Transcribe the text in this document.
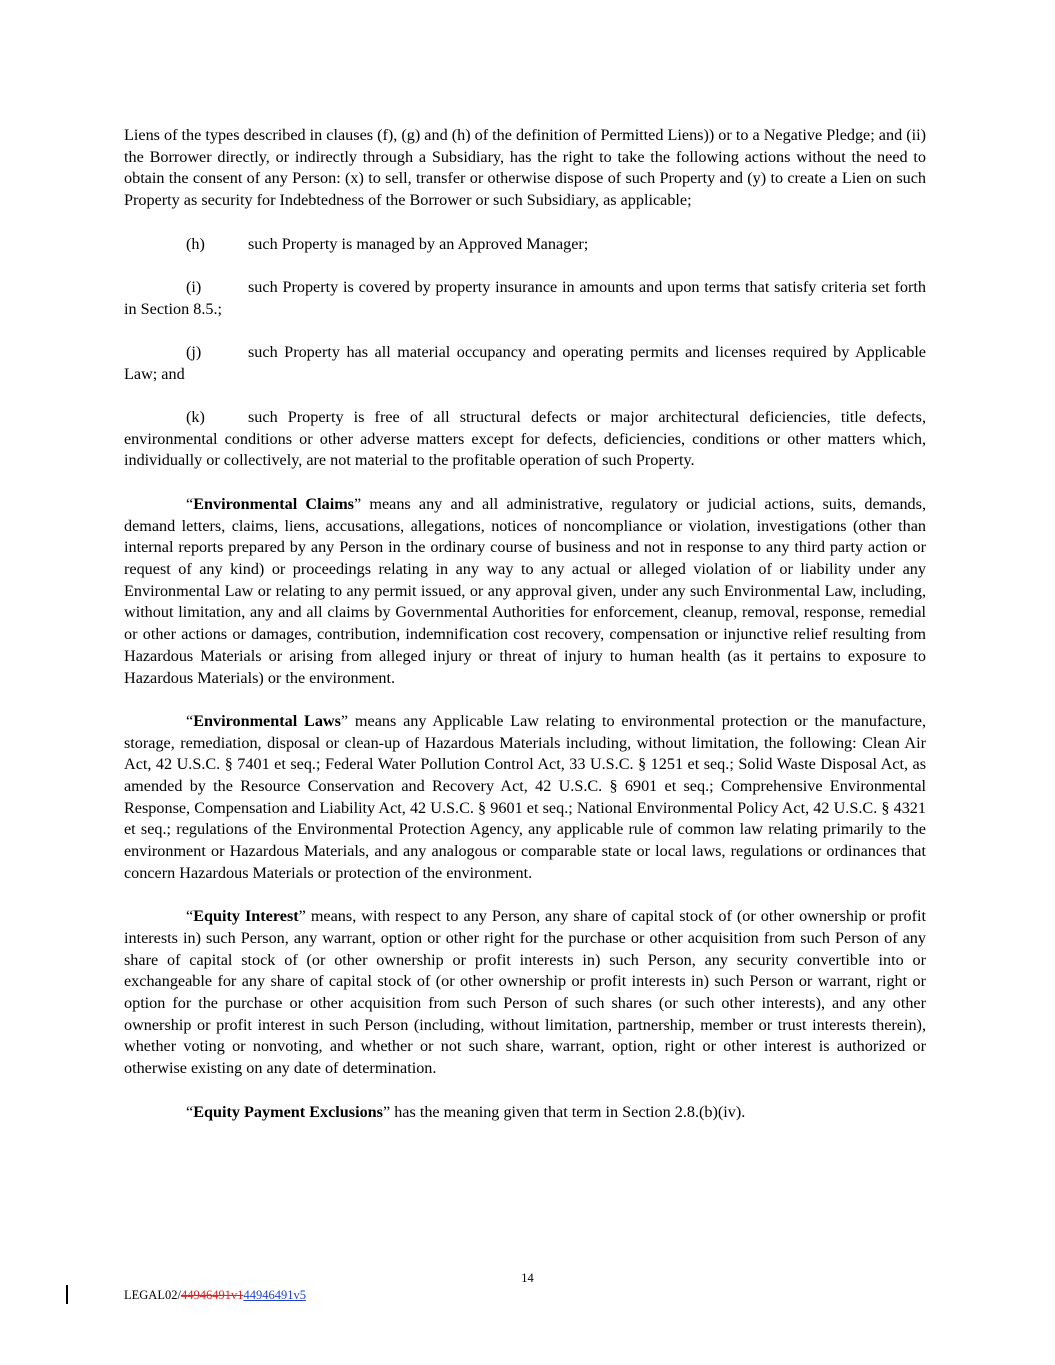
Liens of the types described in clauses (f), (g) and (h) of the definition of Permitted Liens)) or to a Negative Pledge; and (ii) the Borrower directly, or indirectly through a Subsidiary, has the right to take the following actions without the need to obtain the consent of any Person: (x) to sell, transfer or otherwise dispose of such Property and (y) to create a Lien on such Property as security for Indebtedness of the Borrower or such Subsidiary, as applicable;

(h)	such Property is managed by an Approved Manager;

(i)	such Property is covered by property insurance in amounts and upon terms that satisfy criteria set forth in Section 8.5.;

(j)	such Property has all material occupancy and operating permits and licenses required by Applicable Law; and

(k)	such Property is free of all structural defects or major architectural deficiencies, title defects, environmental conditions or other adverse matters except for defects, deficiencies, conditions or other matters which, individually or collectively, are not material to the profitable operation of such Property.

“Environmental Claims” means any and all administrative, regulatory or judicial actions, suits, demands, demand letters, claims, liens, accusations, allegations, notices of noncompliance or violation, investigations (other than internal reports prepared by any Person in the ordinary course of business and not in response to any third party action or request of any kind) or proceedings relating in any way to any actual or alleged violation of or liability under any Environmental Law or relating to any permit issued, or any approval given, under any such Environmental Law, including, without limitation, any and all claims by Governmental Authorities for enforcement, cleanup, removal, response, remedial or other actions or damages, contribution, indemnification cost recovery, compensation or injunctive relief resulting from Hazardous Materials or arising from alleged injury or threat of injury to human health (as it pertains to exposure to Hazardous Materials) or the environment.

“Environmental Laws” means any Applicable Law relating to environmental protection or the manufacture, storage, remediation, disposal or clean-up of Hazardous Materials including, without limitation, the following: Clean Air Act, 42 U.S.C. § 7401 et seq.; Federal Water Pollution Control Act, 33 U.S.C. § 1251 et seq.; Solid Waste Disposal Act, as amended by the Resource Conservation and Recovery Act, 42 U.S.C. § 6901 et seq.; Comprehensive Environmental Response, Compensation and Liability Act, 42 U.S.C. § 9601 et seq.; National Environmental Policy Act, 42 U.S.C. § 4321 et seq.; regulations of the Environmental Protection Agency, any applicable rule of common law relating primarily to the environment or Hazardous Materials, and any analogous or comparable state or local laws, regulations or ordinances that concern Hazardous Materials or protection of the environment.

“Equity Interest” means, with respect to any Person, any share of capital stock of (or other ownership or profit interests in) such Person, any warrant, option or other right for the purchase or other acquisition from such Person of any share of capital stock of (or other ownership or profit interests in) such Person, any security convertible into or exchangeable for any share of capital stock of (or other ownership or profit interests in) such Person or warrant, right or option for the purchase or other acquisition from such Person of such shares (or such other interests), and any other ownership or profit interest in such Person (including, without limitation, partnership, member or trust interests therein), whether voting or nonvoting, and whether or not such share, warrant, option, right or other interest is authorized or otherwise existing on any date of determination.

“Equity Payment Exclusions” has the meaning given that term in Section 2.8.(b)(iv).

14
LEGAL02/44946491v144946491v5
